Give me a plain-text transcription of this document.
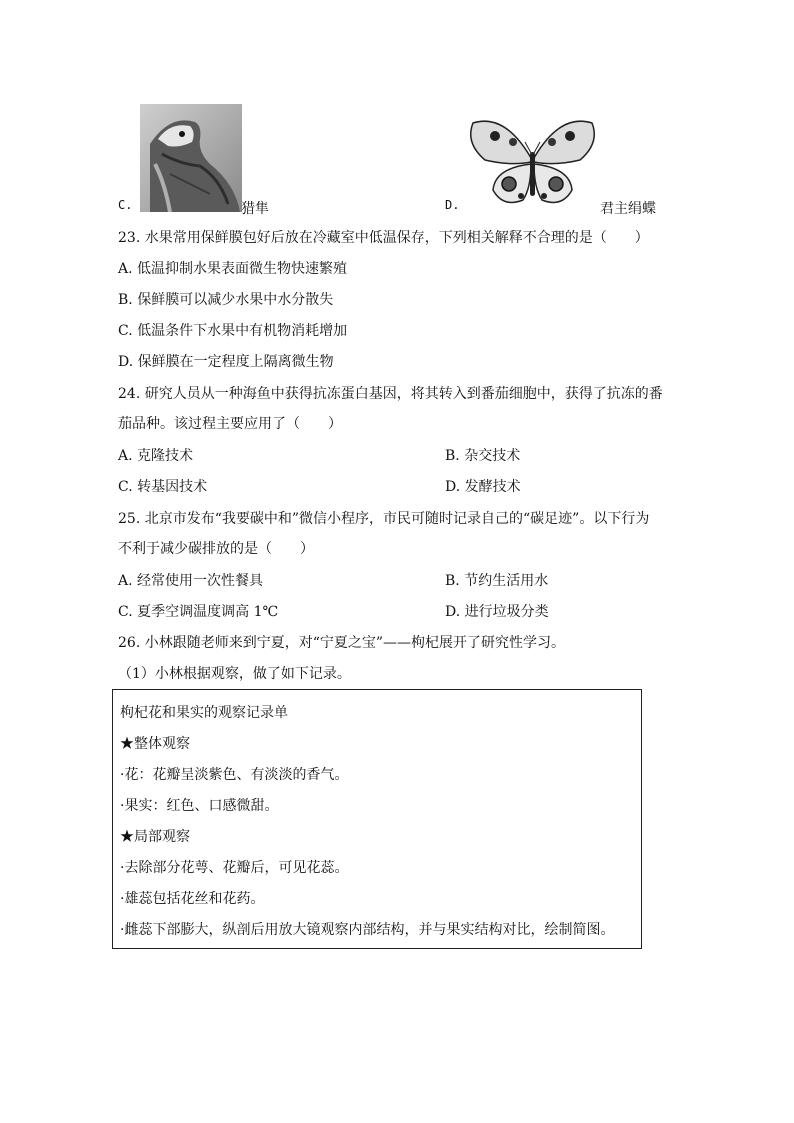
C.	猎隼	D.	君主绢蝶
23. 水果常用保鲜膜包好后放在冷藏室中低温保存，下列相关解释不合理的是（　　）
A. 低温抑制水果表面微生物快速繁殖
B. 保鲜膜可以减少水果中水分散失
C. 低温条件下水果中有机物消耗增加
D. 保鲜膜在一定程度上隔离微生物
24. 研究人员从一种海鱼中获得抗冻蛋白基因，将其转入到番茄细胞中，获得了抗冻的番
茄品种。该过程主要应用了（　　）
A. 克隆技术	B. 杂交技术
C. 转基因技术	D. 发酵技术
25. 北京市发布“我要碳中和”微信小程序，市民可随时记录自己的“碳足迹”。以下行为
不利于减少碳排放的是（　　）
A. 经常使用一次性餐具	B. 节约生活用水
C. 夏季空调温度调高 1℃	D. 进行垃圾分类
26. 小林跟随老师来到宁夏，对“宁夏之宝”——枸杞展开了研究性学习。
（1）小林根据观察，做了如下记录。
枸杞花和果实的观察记录单
★整体观察
·花：花瓣呈淡紫色、有淡淡的香气。
·果实：红色、口感微甜。
★局部观察
·去除部分花萼、花瓣后，可见花蕊。
·雄蕊包括花丝和花药。
·雌蕊下部膨大，纵剖后用放大镜观察内部结构，并与果实结构对比，绘制简图。
